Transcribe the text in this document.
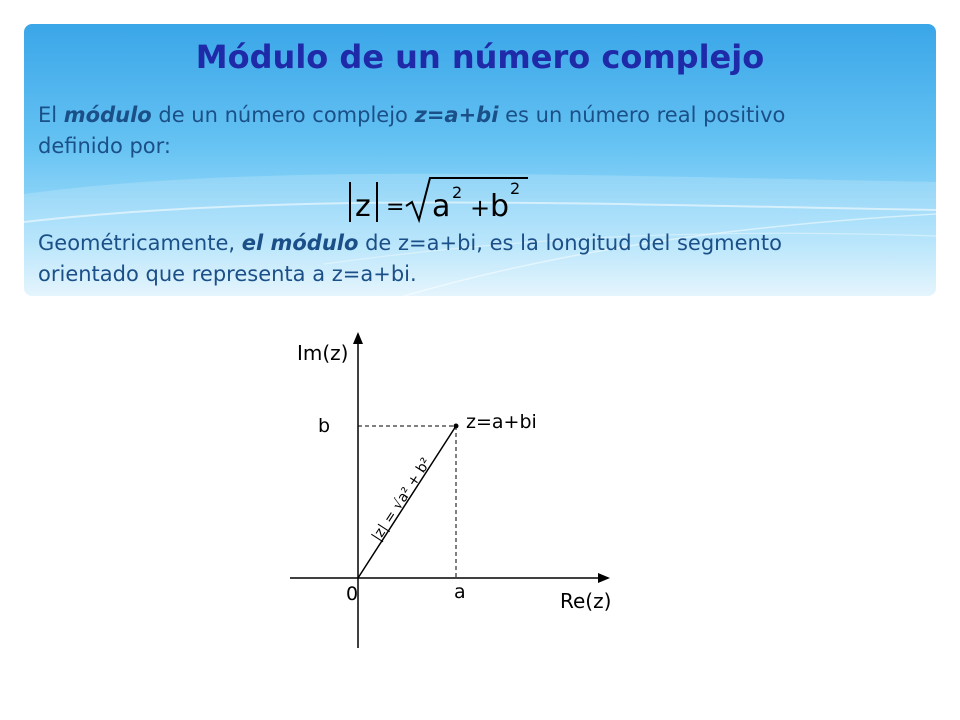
Módulo de un número complejo

El módulo de un número complejo z=a+bi es un número real positivo definido por:

z = a 2
+ b
2

Geométricamente, el módulo de z=a+bi, es la longitud del segmento orientado que representa a z=a+bi.

Im(z)
Re(z)
0	a
b	z=a+bi
|z| = √a² + b²
